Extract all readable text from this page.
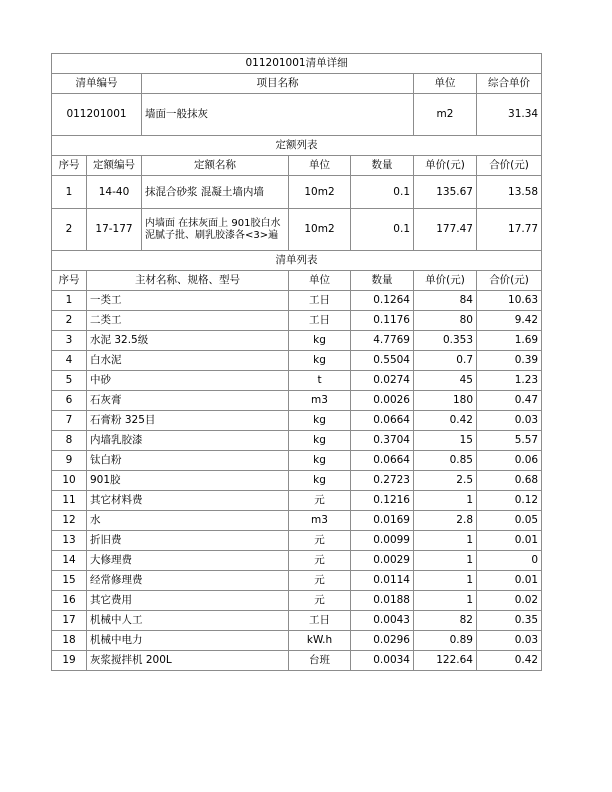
011201001清单详细						
清单编号		项目名称			单位	综合单价
011201001		墙面一般抹灰			m2	31.34
定额列表						
序号	定额编号	定额名称	单位	数量	单价(元)	合价(元)
1	14-40	抹混合砂浆 混凝土墙内墙	10m2	0.1	135.67	13.58
2	17-177	内墙面 在抹灰面上 901胶白水泥腻子批、刷乳胶漆各<3>遍	10m2	0.1	177.47	17.77
清单列表						
序号	主材名称、规格、型号		单位	数量	单价(元)	合价(元)
1	一类工		工日	0.1264	84	10.63
2	二类工		工日	0.1176	80	9.42
3	水泥 32.5级		kg	4.7769	0.353	1.69
4	白水泥		kg	0.5504	0.7	0.39
5	中砂		t	0.0274	45	1.23
6	石灰膏		m3	0.0026	180	0.47
7	石膏粉 325目		kg	0.0664	0.42	0.03
8	内墙乳胶漆		kg	0.3704	15	5.57
9	钛白粉		kg	0.0664	0.85	0.06
10	901胶		kg	0.2723	2.5	0.68
11	其它材料费		元	0.1216	1	0.12
12	水		m3	0.0169	2.8	0.05
13	折旧费		元	0.0099	1	0.01
14	大修理费		元	0.0029	1	0
15	经常修理费		元	0.0114	1	0.01
16	其它费用		元	0.0188	1	0.02
17	机械中人工		工日	0.0043	82	0.35
18	机械中电力		kW.h	0.0296	0.89	0.03
19	灰浆搅拌机 200L		台班	0.0034	122.64	0.42
